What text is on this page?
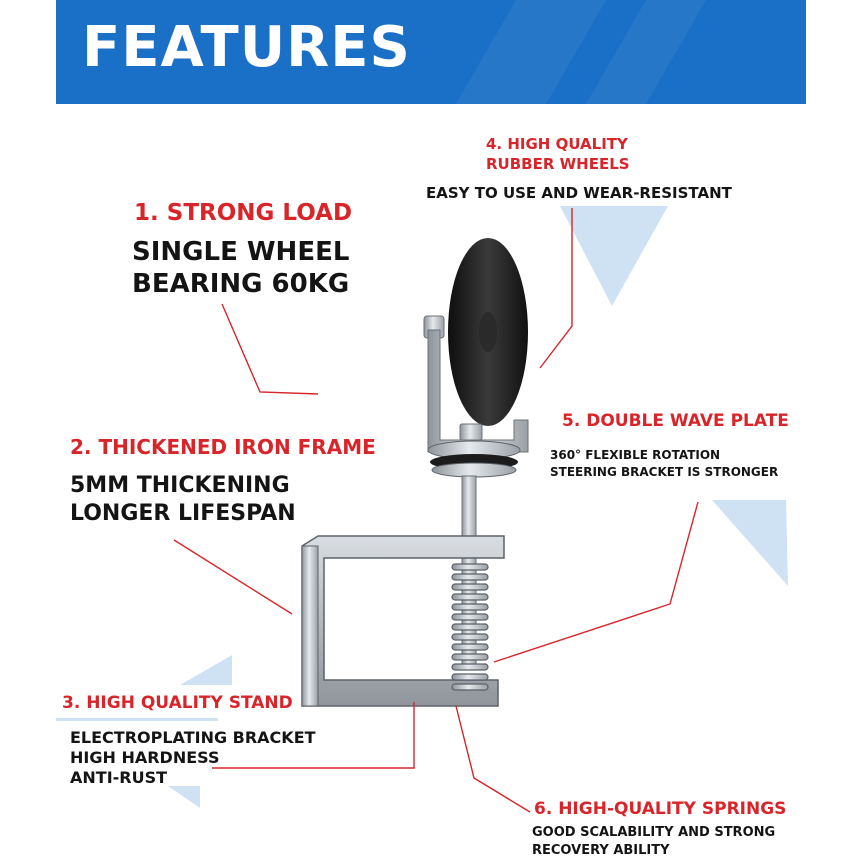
FEATURES
1. STRONG LOAD
SINGLE WHEEL
BEARING 60KG
2. THICKENED IRON FRAME
5MM THICKENING
LONGER LIFESPAN
3. HIGH QUALITY STAND
ELECTROPLATING BRACKET
HIGH HARDNESS
ANTI-RUST
4. HIGH QUALITY
RUBBER WHEELS
EASY TO USE AND WEAR-RESISTANT
5. DOUBLE WAVE PLATE
360° FLEXIBLE ROTATION
STEERING BRACKET IS STRONGER
6. HIGH-QUALITY SPRINGS
GOOD SCALABILITY AND STRONG
RECOVERY ABILITY
